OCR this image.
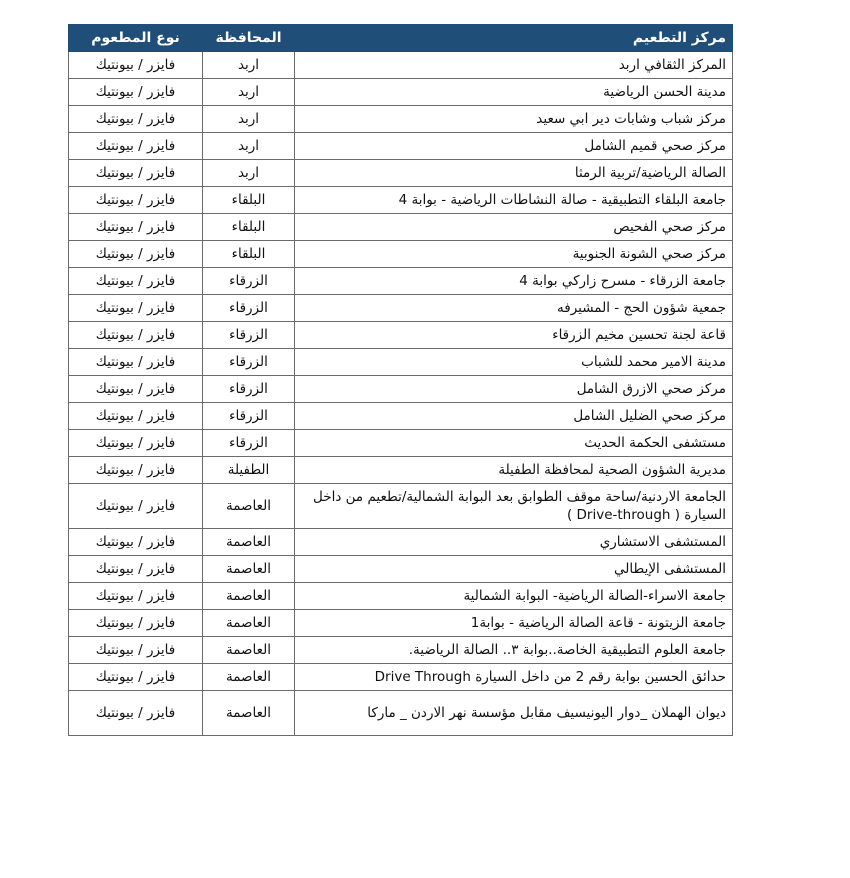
مركز التطعيم	المحافظة	نوع المطعوم
المركز الثقافي اربد	اربد	فايزر / بيونتيك
مدينة الحسن الرياضية	اربد	فايزر / بيونتيك
مركز شباب وشابات دير ابي سعيد	اربد	فايزر / بيونتيك
مركز صحي قميم الشامل	اربد	فايزر / بيونتيك
الصالة الرياضية/تربية الرمثا	اربد	فايزر / بيونتيك
جامعة البلقاء التطبيقية - صالة النشاطات الرياضية - بوابة 4	البلقاء	فايزر / بيونتيك
مركز صحي الفحيص	البلقاء	فايزر / بيونتيك
مركز صحي الشونة الجنوبية	البلقاء	فايزر / بيونتيك
جامعة الزرقاء - مسرح زاركي بوابة 4	الزرقاء	فايزر / بيونتيك
جمعية شؤون الحج - المشيرفه	الزرقاء	فايزر / بيونتيك
قاعة لجنة تحسين مخيم الزرقاء	الزرقاء	فايزر / بيونتيك
مدينة الامير محمد للشباب	الزرقاء	فايزر / بيونتيك
مركز صحي الازرق الشامل	الزرقاء	فايزر / بيونتيك
مركز صحي الضليل الشامل	الزرقاء	فايزر / بيونتيك
مستشفى الحكمة الحديث	الزرقاء	فايزر / بيونتيك
مديرية الشؤون الصحية لمحافظة الطفيلة	الطفيلة	فايزر / بيونتيك
الجامعة الاردنية/ساحة موقف الطوابق بعد البوابة الشمالية/تطعيم من داخل السيارة ( Drive-through )	العاصمة	فايزر / بيونتيك
المستشفى الاستشاري	العاصمة	فايزر / بيونتيك
المستشفى الإيطالي	العاصمة	فايزر / بيونتيك
جامعة الاسراء-الصالة الرياضية- البوابة الشمالية	العاصمة	فايزر / بيونتيك
جامعة الزيتونة - قاعة الصالة الرياضية - بوابة1	العاصمة	فايزر / بيونتيك
جامعة العلوم التطبيقية الخاصة..بوابة ٣.. الصالة الرياضية.	العاصمة	فايزر / بيونتيك
حدائق الحسين بوابة رقم 2 من داخل السيارة Drive Through	العاصمة	فايزر / بيونتيك
ديوان الهملان _دوار اليونيسيف مقابل مؤسسة نهر الاردن _ ماركا	العاصمة	فايزر / بيونتيك
